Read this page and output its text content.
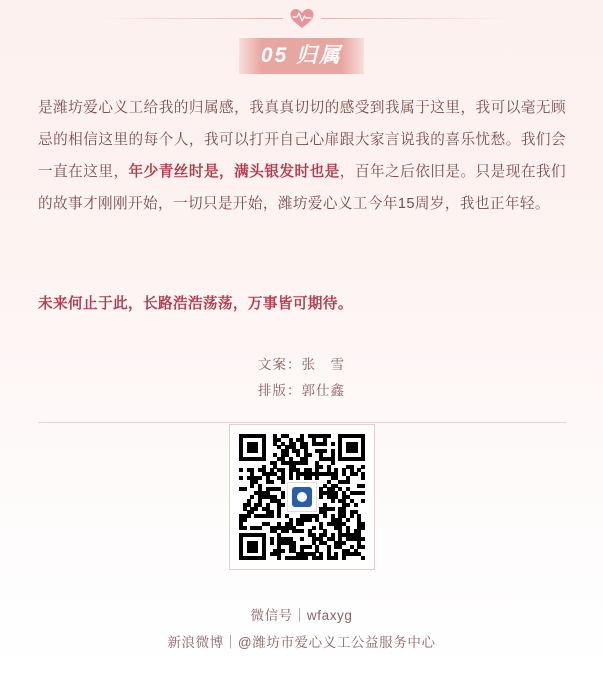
05 归属
是潍坊爱心义工给我的归属感，我真真切切的感受到我属于这里，我可以毫无顾忌的相信这里的每个人，我可以打开自己心扉跟大家言说我的喜乐忧愁。我们会一直在这里，年少青丝时是，满头银发时也是，百年之后依旧是。只是现在我们的故事才刚刚开始，一切只是开始，潍坊爱心义工今年15周岁，我也正年轻。
未来何止于此，长路浩浩荡荡，万事皆可期待。
文案：张　雪
排版：郭仕鑫
微信号｜wfaxyg
新浪微博｜@潍坊市爱心义工公益服务中心
